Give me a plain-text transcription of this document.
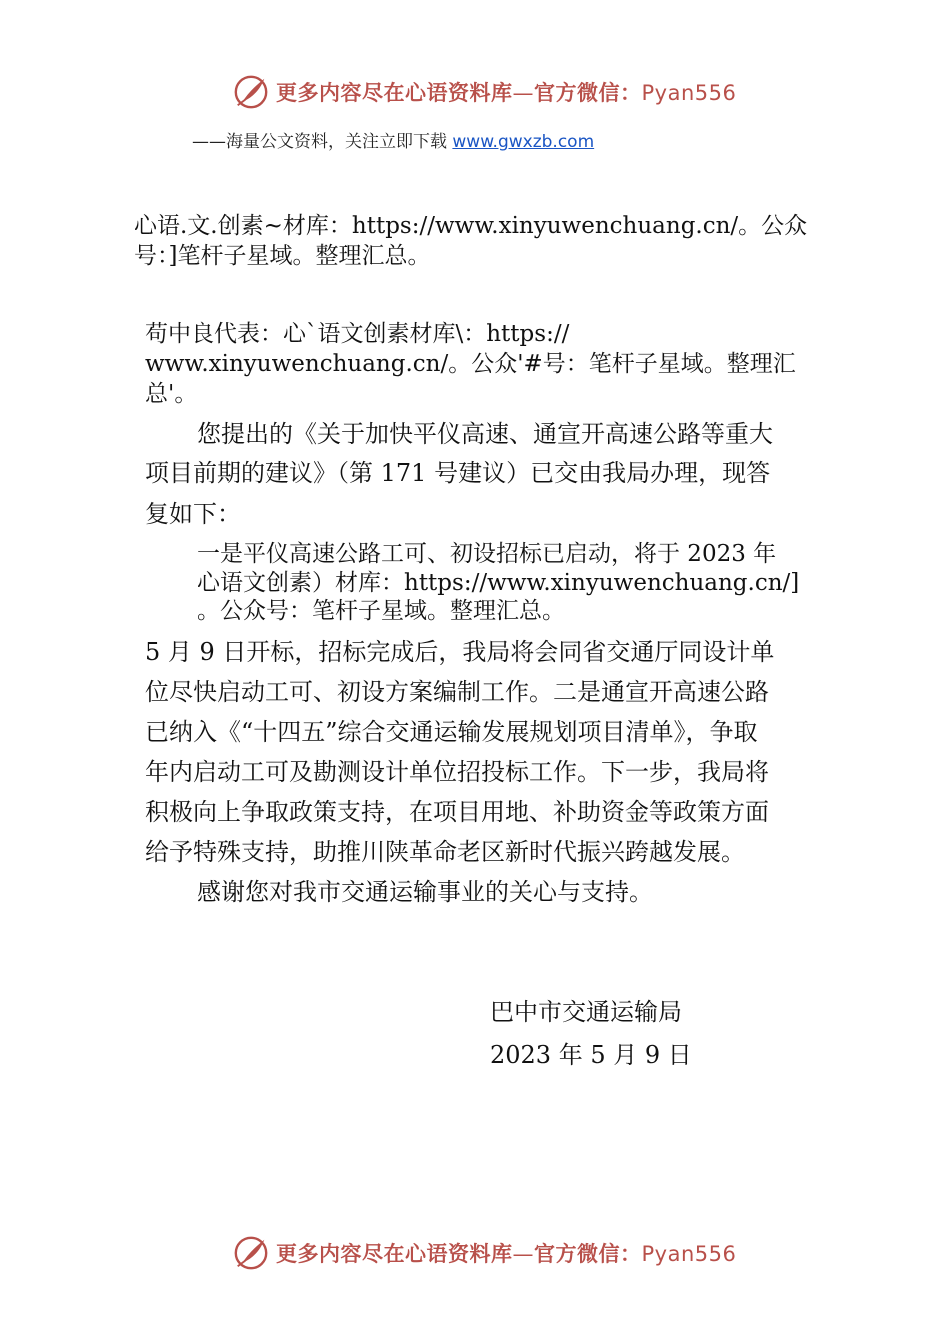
更多内容尽在心语资料库—官方微信：Pyan556
——海量公文资料，关注立即下载 www.gwxzb.com
心语.文.创素~材库：https://www.xinyuwenchuang.cn/。公众
号：]笔杆子星域。整理汇总。
苟中良代表：心`语文创素材库\：https://
www.xinyuwenchuang.cn/。公众'#号：笔杆子星域。整理汇
总'。
您提出的《关于加快平仪高速、通宣开高速公路等重大
项目前期的建议》（第 171 号建议）已交由我局办理，现答
复如下：
一是平仪高速公路工可、初设招标已启动，将于 2023 年
心语文创素）材库：https://www.xinyuwenchuang.cn/]
。公众号：笔杆子星域。整理汇总。
5 月 9 日开标，招标完成后，我局将会同省交通厅同设计单
位尽快启动工可、初设方案编制工作。二是通宣开高速公路
已纳入《“十四五”综合交通运输发展规划项目清单》，争取
年内启动工可及勘测设计单位招投标工作。下一步，我局将
积极向上争取政策支持，在项目用地、补助资金等政策方面
给予特殊支持，助推川陕革命老区新时代振兴跨越发展。
感谢您对我市交通运输事业的关心与支持。
巴中市交通运输局
2023 年 5 月 9 日
更多内容尽在心语资料库—官方微信：Pyan556
